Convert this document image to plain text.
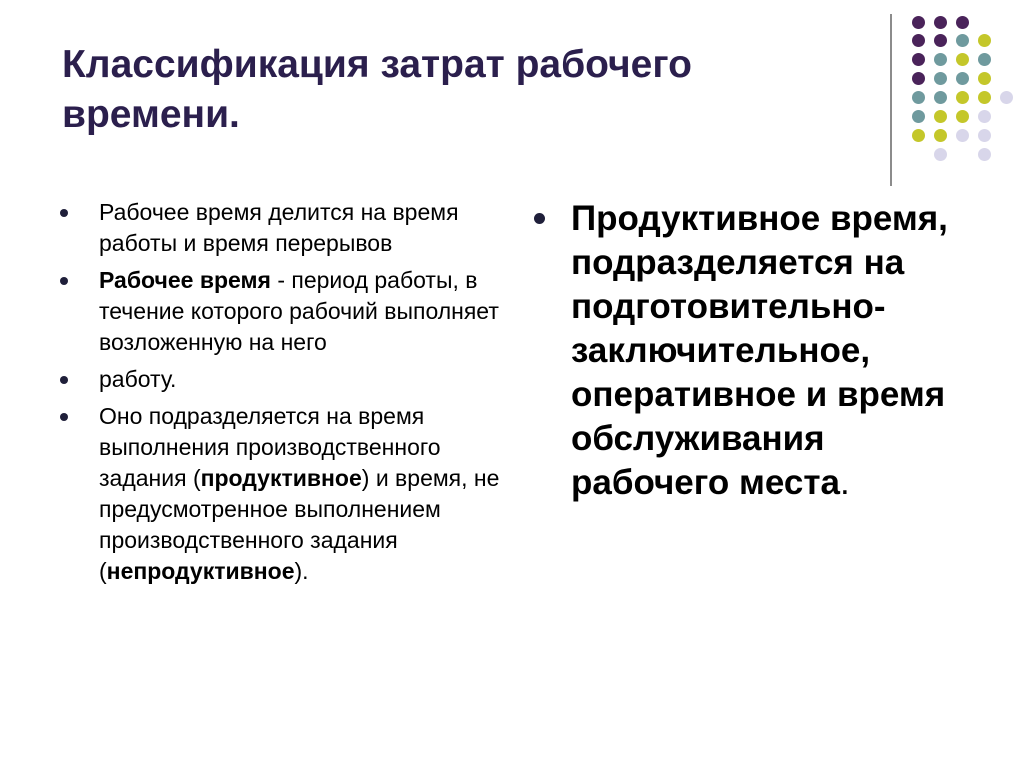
Классификация затрат рабочего времени.
Рабочее время делится на время работы и время перерывов
Рабочее время - период работы, в течение которого рабочий выполняет возложенную на него
работу.
Оно подразделяется на время выполнения производственного задания (продуктивное) и время, не предусмотренное выполнением производственного задания (непродуктивное).
Продуктивное время, подразделяется на подготовительно-заключительное, оперативное и время обслуживания рабочего места.
